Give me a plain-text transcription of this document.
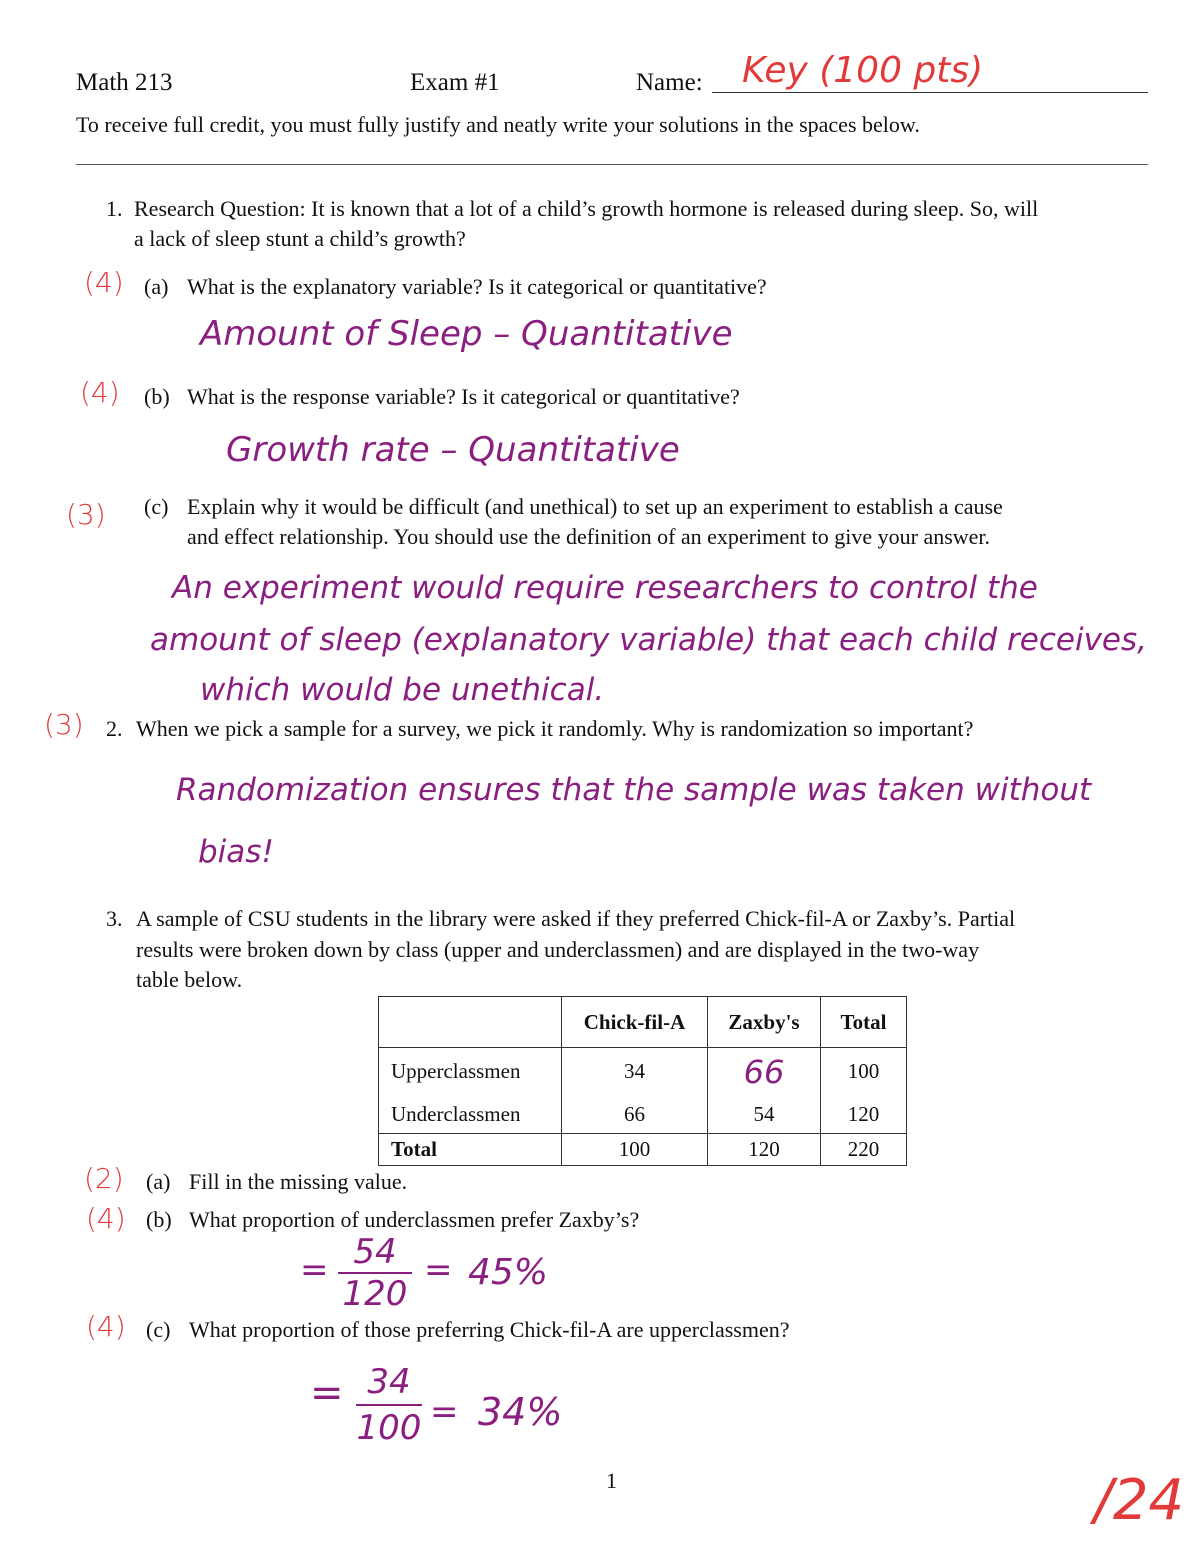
Math 213	Exam #1	Name: Key (100 pts)
To receive full credit, you must fully justify and neatly write your solutions in the spaces below.
1. Research Question: It is known that a lot of a child’s growth hormone is released during sleep. So, will
a lack of sleep stunt a child’s growth?
(4) (a) What is the explanatory variable? Is it categorical or quantitative?
Amount of Sleep – Quantitative
(4) (b) What is the response variable? Is it categorical or quantitative?
Growth rate – Quantitative
(3) (c) Explain why it would be difficult (and unethical) to set up an experiment to establish a cause
and effect relationship. You should use the definition of an experiment to give your answer.
An experiment would require researchers to control the
amount of sleep (explanatory variable) that each child receives,
which would be unethical.
(3) 2. When we pick a sample for a survey, we pick it randomly. Why is randomization so important?
Randomization ensures that the sample was taken without
bias!
3. A sample of CSU students in the library were asked if they preferred Chick-fil-A or Zaxby’s. Partial
results were broken down by class (upper and underclassmen) and are displayed in the two-way
table below.
	Chick-fil-A	Zaxby's	Total
Upperclassmen	34	66	100
Underclassmen	66	54	120
Total	100	120	220
(2) (a) Fill in the missing value.
(4) (b) What proportion of underclassmen prefer Zaxby’s?
= $\frac{54}{120} = 45\%$
(4) (c) What proportion of those preferring Chick-fil-A are upperclassmen?
= $\frac{34}{100} = 34\%$
1	/24
